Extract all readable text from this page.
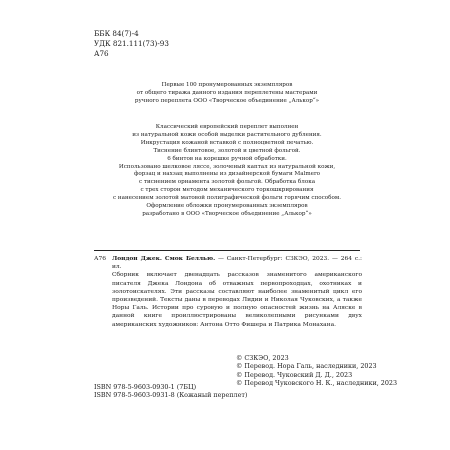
ББК 84(7)-4
УДК 821.111(73)-93
А76
Первые 100 пронумерованных экземпляров
от общего тиража данного издания переплетены мастерами
ручного переплета ООО «Творческое объединение „Алькор“»
Классический европейский переплет выполнен
из натуральной кожи особой выделки растительного дубления.
Инкрустация кожаной вставкой с полноцветной печатью.
Тиснение блинтовое, золотой и цветной фольгой.
6 бинтов на корешке ручной обработки.
Использовано шелковое ляссе, золоченый каптал из натуральной кожи,
форзац и нахзац выполнены из дизайнерской бумаги Malmero
с тиснением орнамента золотой фольгой. Обработка блока
с трех сторон методом механического торкошкрирования
с нанесением золотой матовой полиграфической фольги горячим способом.
Оформление обложки пронумерованных экземпляров
разработано в ООО «Творческое объединение „Алькор“»
А76 Лондон Джек. Смок Беллью. — Санкт-Петербург: СЗКЭО, 2023. — 264 с.: ил.
Сборник включает двенадцать рассказов знаменитого американского писателя Джека Лондона об отважных первопроходцах, охотниках и золотоискателях. Эти рассказы составляют наиболее знаменитый цикл его произведений. Тексты даны в переводах Лидии и Николая Чуковских, а также Норы Галь. Истории про суровую и полную опасностей жизнь на Аляске в данной книге проиллюстрированы великолепными рисунками двух американских художников: Антона Отто Фишера и Патрика Монахана.
© СЗКЭО, 2023
© Перевод. Нора Галь, наследники, 2023
© Перевод. Чуковский Д. Д., 2023
© Перевод Чуковского Н. К., наследники, 2023
ISBN 978-5-9603-0930-1 (7БЦ)
ISBN 978-5-9603-0931-8 (Кожаный переплет)
